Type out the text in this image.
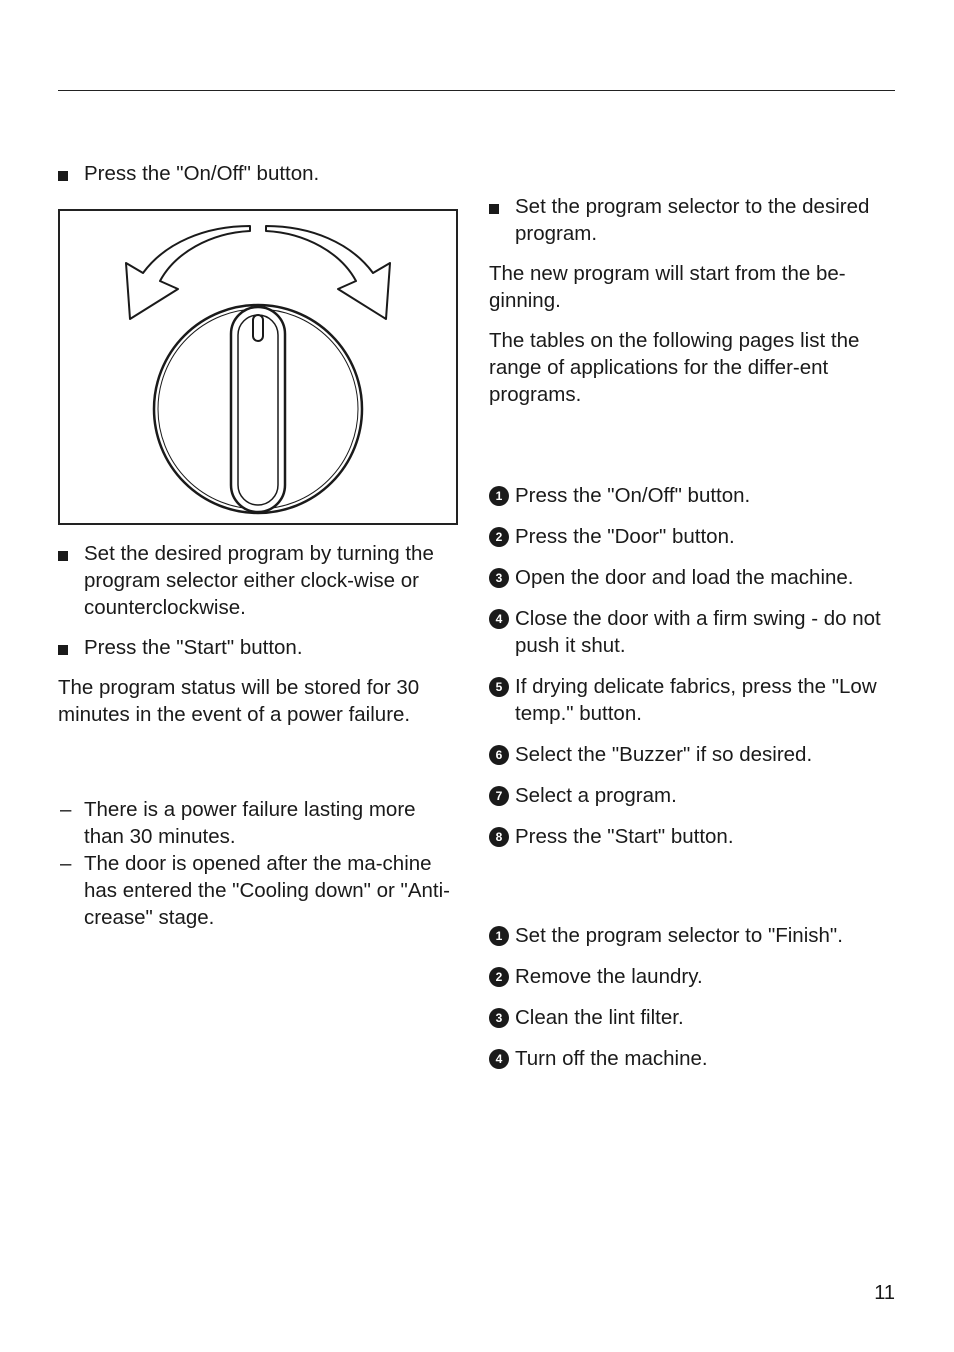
Press the "On/Off" button.
Set the desired program by turning the program selector either clock-wise or counterclockwise.
Press the "Start" button.
The program status will be stored for 30 minutes in the event of a power failure.
– There is a power failure lasting more than 30 minutes.
– The door is opened after the ma-chine has entered the "Cooling down" or "Anti-crease" stage.
Set the program selector to the desired program.
The new program will start from the be-ginning.
The tables on the following pages list the range of applications for the differ-ent programs.
1 Press the "On/Off" button.
2 Press the "Door" button.
3 Open the door and load the machine.
4 Close the door with a firm swing - do not push it shut.
5 If drying delicate fabrics, press the "Low temp." button.
6 Select the "Buzzer" if so desired.
7 Select a program.
8 Press the "Start" button.
1 Set the program selector to "Finish".
2 Remove the laundry.
3 Clean the lint filter.
4 Turn off the machine.
11
